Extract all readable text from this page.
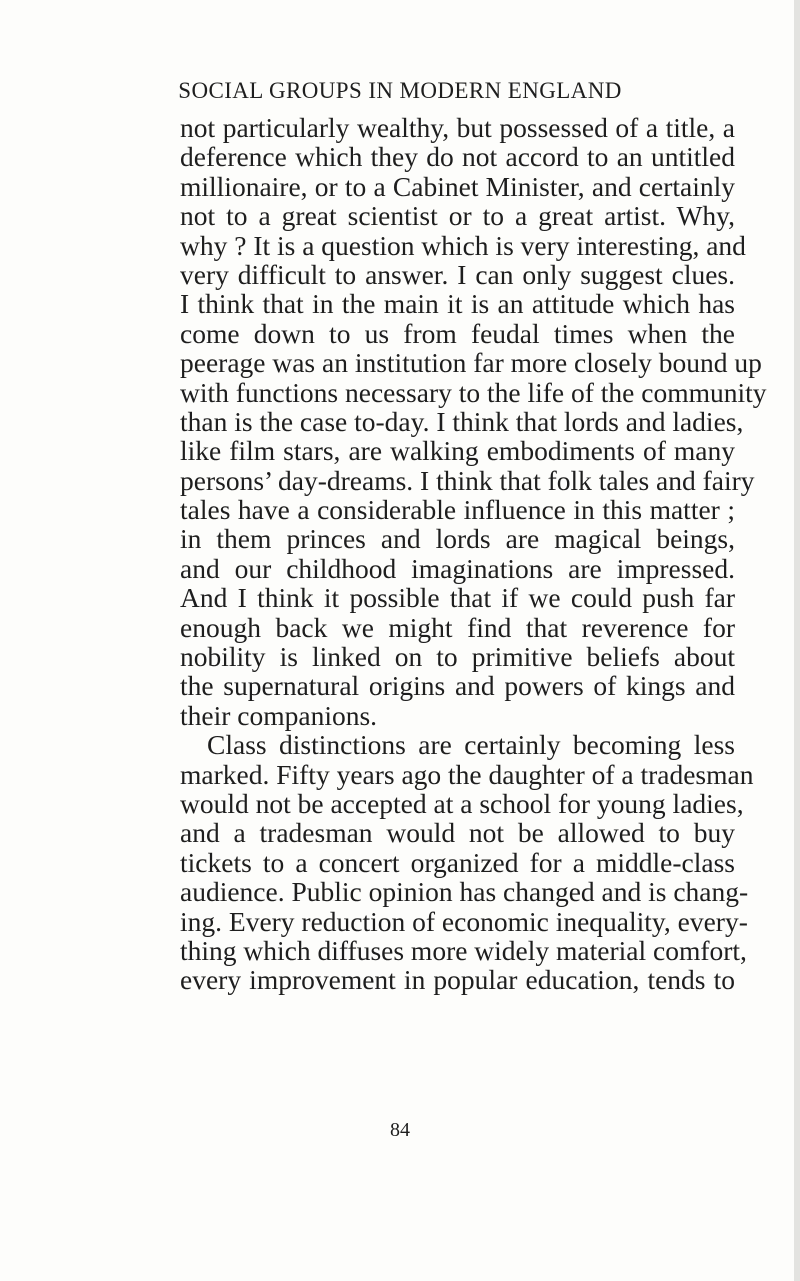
SOCIAL GROUPS IN MODERN ENGLAND
not particularly wealthy, but possessed of a title, a
deference which they do not accord to an untitled
millionaire, or to a Cabinet Minister, and certainly
not to a great scientist or to a great artist. Why,
why ? It is a question which is very interesting, and
very difficult to answer. I can only suggest clues.
I think that in the main it is an attitude which has
come down to us from feudal times when the
peerage was an institution far more closely bound up
with functions necessary to the life of the community
than is the case to-day. I think that lords and ladies,
like film stars, are walking embodiments of many
persons’ day-dreams. I think that folk tales and fairy
tales have a considerable influence in this matter ;
in them princes and lords are magical beings,
and our childhood imaginations are impressed.
And I think it possible that if we could push far
enough back we might find that reverence for
nobility is linked on to primitive beliefs about
the supernatural origins and powers of kings and
their companions.
Class distinctions are certainly becoming less
marked. Fifty years ago the daughter of a tradesman
would not be accepted at a school for young ladies,
and a tradesman would not be allowed to buy
tickets to a concert organized for a middle-class
audience. Public opinion has changed and is chang-
ing. Every reduction of economic inequality, every-
thing which diffuses more widely material comfort,
every improvement in popular education, tends to
84
